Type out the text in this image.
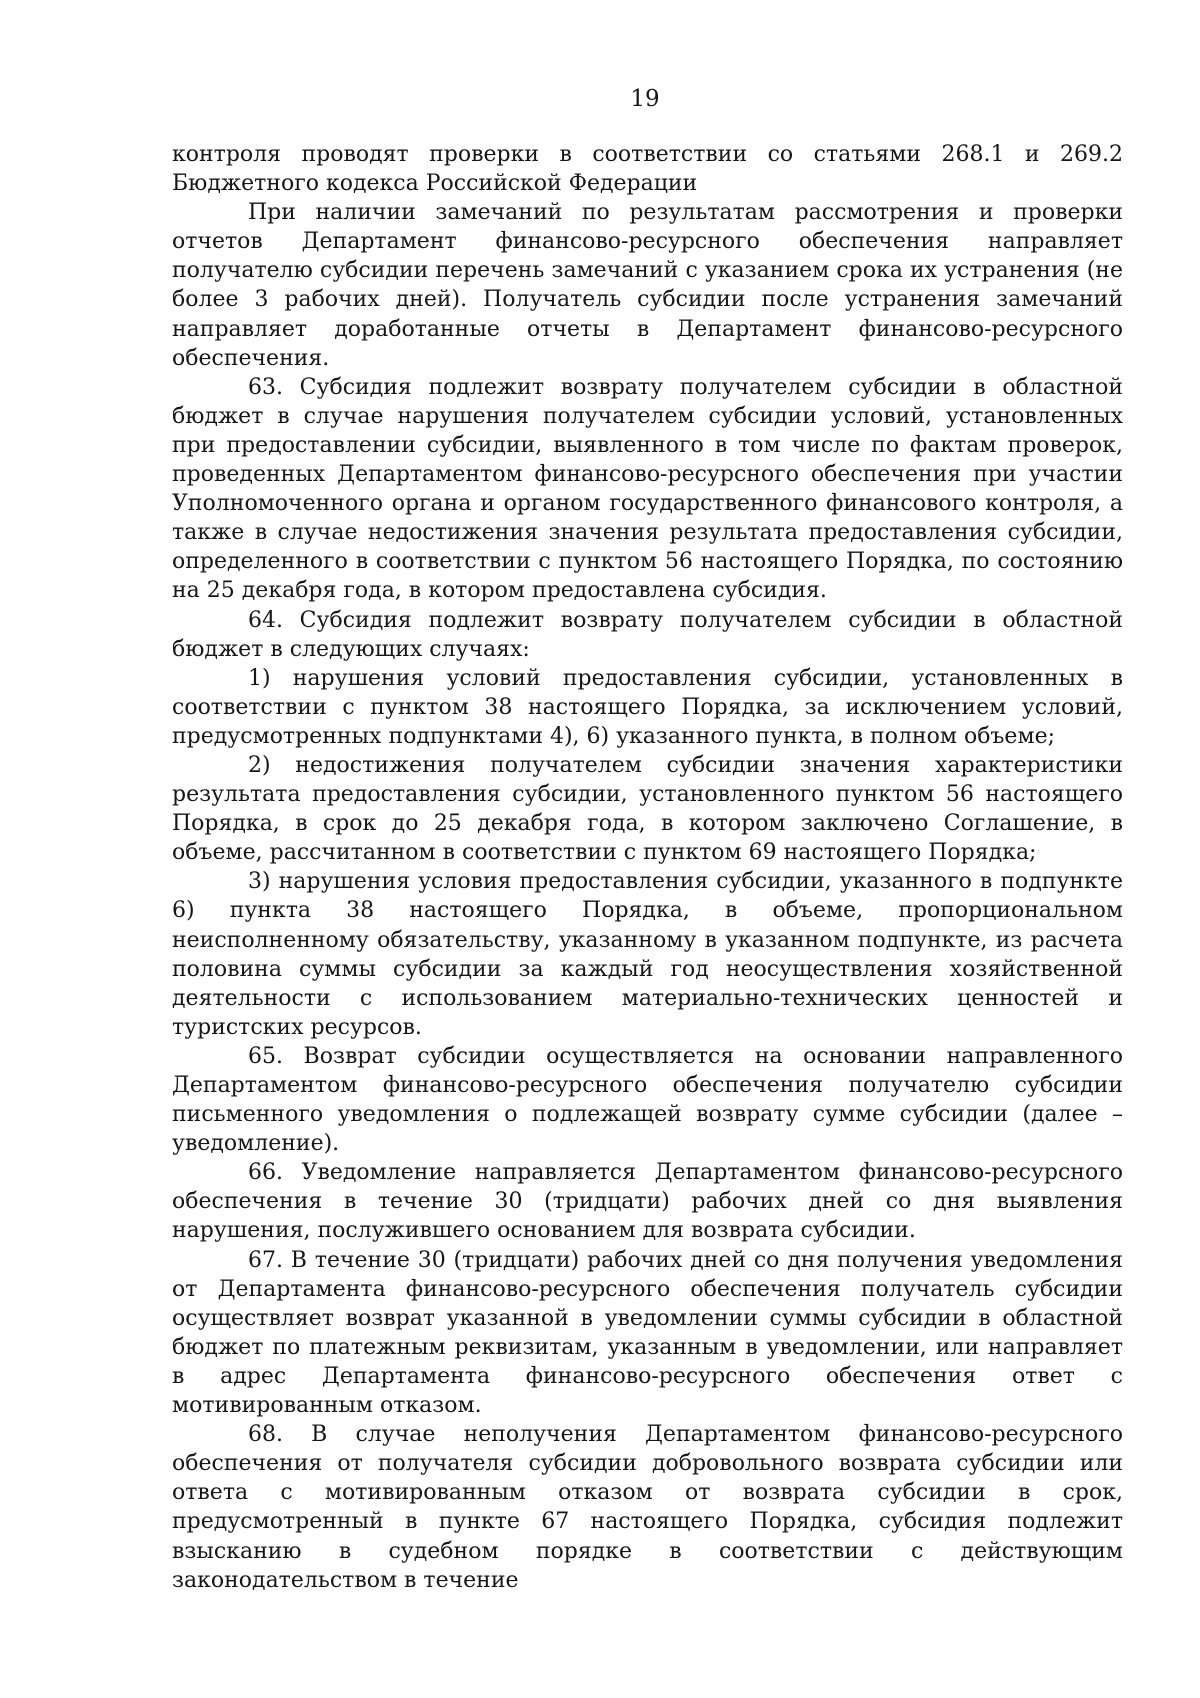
19

контроля проводят проверки в соответствии со статьями 268.1 и 269.2 Бюджетного кодекса Российской Федерации

При наличии замечаний по результатам рассмотрения и проверки отчетов Департамент финансово-ресурсного обеспечения направляет получателю субсидии перечень замечаний с указанием срока их устранения (не более 3 рабочих дней). Получатель субсидии после устранения замечаний направляет доработанные отчеты в Департамент финансово-ресурсного обеспечения.

63. Субсидия подлежит возврату получателем субсидии в областной бюджет в случае нарушения получателем субсидии условий, установленных при предоставлении субсидии, выявленного в том числе по фактам проверок, проведенных Департаментом финансово-ресурсного обеспечения при участии Уполномоченного органа и органом государственного финансового контроля, а также в случае недостижения значения результата предоставления субсидии, определенного в соответствии с пунктом 56 настоящего Порядка, по состоянию на 25 декабря года, в котором предоставлена субсидия.

64. Субсидия подлежит возврату получателем субсидии в областной бюджет в следующих случаях:

1) нарушения условий предоставления субсидии, установленных в соответствии с пунктом 38 настоящего Порядка, за исключением условий, предусмотренных подпунктами 4), 6) указанного пункта, в полном объеме;

2) недостижения получателем субсидии значения характеристики результата предоставления субсидии, установленного пунктом 56 настоящего Порядка, в срок до 25 декабря года, в котором заключено Соглашение, в объеме, рассчитанном в соответствии с пунктом 69 настоящего Порядка;

3) нарушения условия предоставления субсидии, указанного в подпункте 6) пункта 38 настоящего Порядка, в объеме, пропорциональном неисполненному обязательству, указанному в указанном подпункте, из расчета половина суммы субсидии за каждый год неосуществления хозяйственной деятельности с использованием материально-технических ценностей и туристских ресурсов.

65. Возврат субсидии осуществляется на основании направленного Департаментом финансово-ресурсного обеспечения получателю субсидии письменного уведомления о подлежащей возврату сумме субсидии (далее – уведомление).

66. Уведомление направляется Департаментом финансово-ресурсного обеспечения в течение 30 (тридцати) рабочих дней со дня выявления нарушения, послужившего основанием для возврата субсидии.

67. В течение 30 (тридцати) рабочих дней со дня получения уведомления от Департамента финансово-ресурсного обеспечения получатель субсидии осуществляет возврат указанной в уведомлении суммы субсидии в областной бюджет по платежным реквизитам, указанным в уведомлении, или направляет в адрес Департамента финансово-ресурсного обеспечения ответ с мотивированным отказом.

68. В случае неполучения Департаментом финансово-ресурсного обеспечения от получателя субсидии добровольного возврата субсидии или ответа с мотивированным отказом от возврата субсидии в срок, предусмотренный в пункте 67 настоящего Порядка, субсидия подлежит взысканию в судебном порядке в соответствии с действующим законодательством в течение
